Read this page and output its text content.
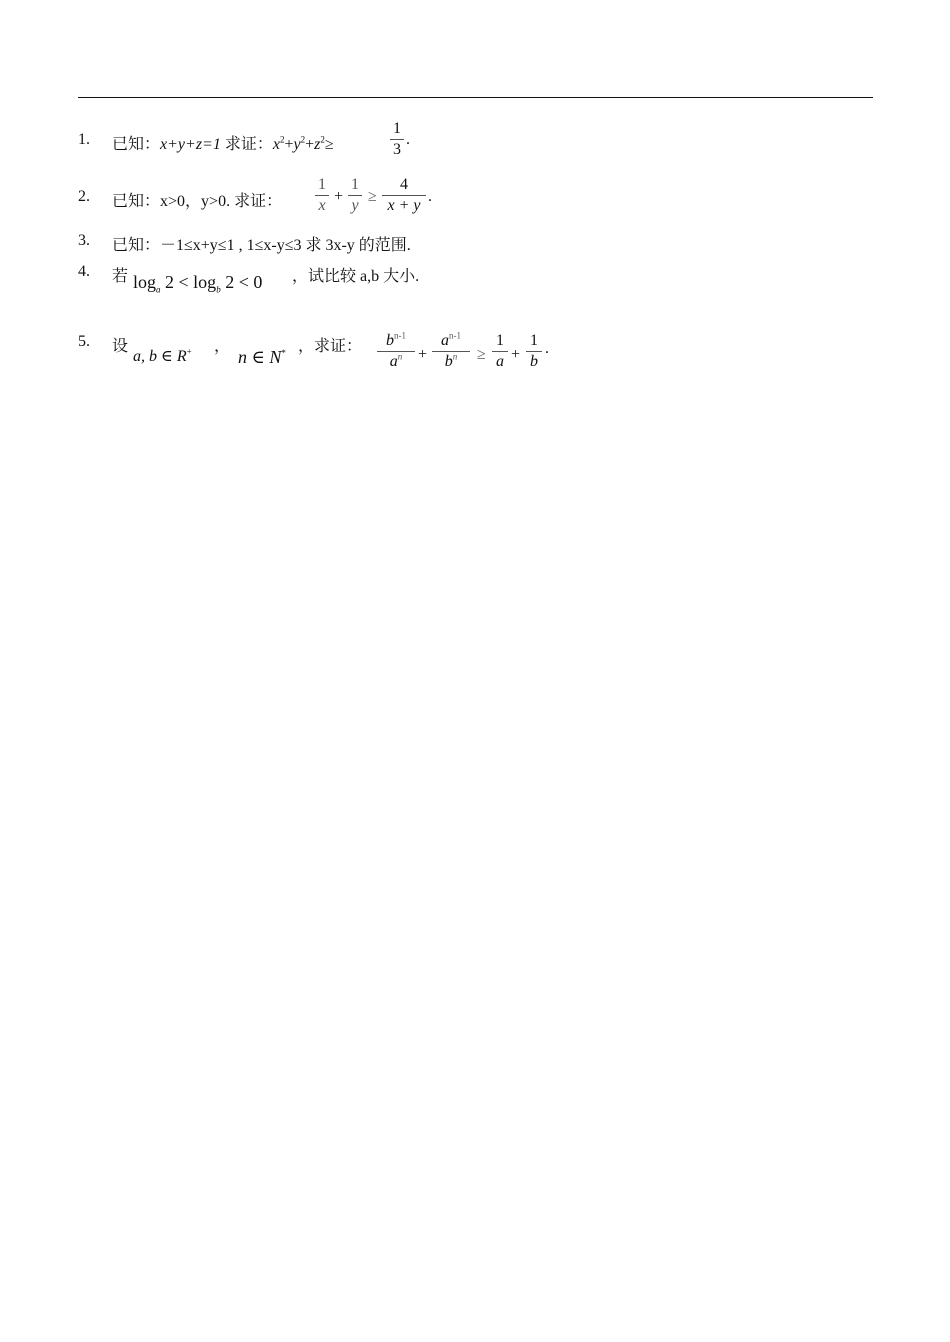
1. 已知：x+y+z=1 求证：$x^2+y^2+z^2\ge$
1
3
.
2. 已知：x>0，y>0. 求证：
1
x
+
1
y
≥
4
x + y
.
3. 已知：－1≤x+y≤1 , 1≤x-y≤3 求 3x-y 的范围.
4. 若 $\log_a 2 < \log_b 2 < 0$ ，试比较 a,b 大小.
5. 设
a, b ∈ R+ ，
n ∈ N* ，求证：	$b^{n-1}$
$a^n$ +
$a^{n-1}$
$b^n$	≥
1
a +
1
b
.
